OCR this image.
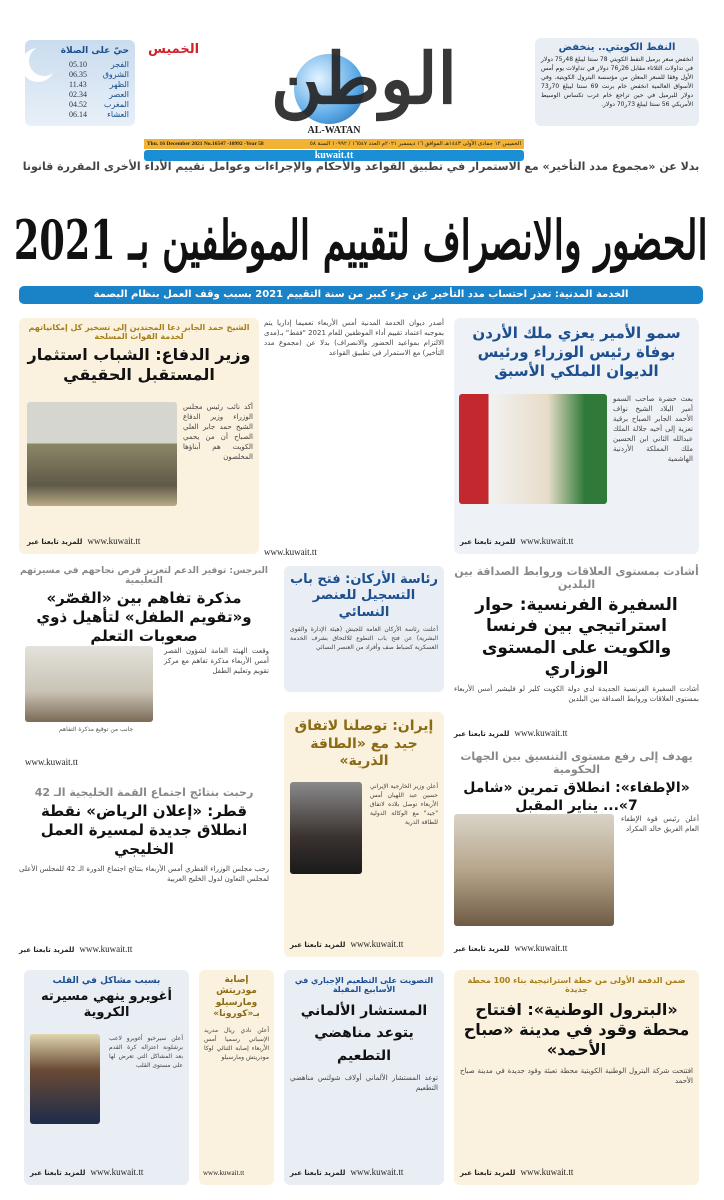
حيّ على الصلاة
الفجر
05.10
الشروق
06.35
الظهر
11.43
العصر
02.34
المغرب
04.52
العشاء
06.14	الوطن
الخميس
AL-WATAN
الخميس ١٢ جمادى الأولى ١٤٤٣هـ الموافق ١٦ ديسمبر ٢٠٢١م العدد ١٦٥٤٧ / ١٠٩٩٢ السنة ٥٨
Thu. 16 December 2021 No.16547 -10992 -Year 58
kuwait.tt
النفط الكويتي.. ينخفض
انخفض سعر برميل النفط الكويتي 78 سنتا ليبلغ 48ر75 دولار في تداولات الثلاثاء مقابل 26ر76 دولار في تداولات يوم أمس الأول وفقا للسعر المعلن من مؤسسة البترول الكويتية. وفي الأسواق العالمية انخفض خام برنت 69 سنتا ليبلغ 70ر73 دولار للبرميل في حين تراجع خام غرب تكساس الوسيط الأمريكي 56 سنتا ليبلغ 73ر70 دولار.
بدلا عن «مجموع مدد التأخير» مع الاستمرار في تطبيق القواعد والأحكام والإجراءات وعوامل تقييم الأداء الأخرى المقررة قانونا
الحضور والانصراف لتقييم الموظفين بـ 2021
الخدمة المدنية: تعذر احتساب مدد التأخير عن جزء كبير من سنة التقييم 2021 بسبب وقف العمل بنظام البصمة
سمو الأمير يعزي ملك الأردن بوفاة رئيس الوزراء ورئيس الديوان الملكي الأسبق
بعث حضرة صاحب السمو أمير البلاد الشيخ نواف الأحمد الجابر الصباح برقية تعزية إلى أخيه جلالة الملك عبدالله الثاني ابن الحسين ملك المملكة الأردنية الهاشمية
www.kuwait.tt للمزيد تابعنا عبر
أصدر ديوان الخدمة المدنية أمس الأربعاء تعميما إداريا يتم بموجبه اعتماد تقييم أداء الموظفين للعام 2021 "فقط" بـ(مدى الالتزام بمواعيد الحضور والانصراف) بدلا عن (مجموع مدد التأخير) مع الاستمرار في تطبيق القواعد
www.kuwait.tt
الشيخ حمد الجابر دعا المجندين إلى تسخير كل إمكانياتهم لخدمة القوات المسلحة
وزير الدفاع: الشباب استثمار المستقبل الحقيقي
أكد نائب رئيس مجلس الوزراء وزير الدفاع الشيخ حمد جابر العلي الصباح أن من يحمي الكويت هم أبناؤها المخلصون
www.kuwait.tt للمزيد تابعنا عبر
أشادت بمستوى العلاقات وروابط الصداقة بين البلدين
السفيرة الفرنسية: حوار استراتيجي بين فرنسا والكويت على المستوى الوزاري
أشادت السفيرة الفرنسية الجديدة لدى دولة الكويت كلير لو فليشير أمس الأربعاء بمستوى العلاقات وروابط الصداقة بين البلدين
www.kuwait.tt للمزيد تابعنا عبر
رئاسة الأركان: فتح باب التسجيل للعنصر النسائي
أعلنت رئاسة الأركان العامة للجيش (هيئة الإدارة والقوى البشرية) عن فتح باب التطوع للالتحاق بشرف الخدمة العسكرية كضباط صف وأفراد من العنصر النسائي
البرجس: توفير الدعم لتعزيز فرص نجاحهم في مسيرتهم التعليمية
مذكرة تفاهم بين «القصّر» و«تقويم الطفل» لتأهيل ذوي صعوبات التعلم
جانب من توقيع مذكرة التفاهم
وقعت الهيئة العامة لشؤون القصر أمس الأربعاء مذكرة تفاهم مع مركز تقويم وتعليم الطفل
www.kuwait.tt
إيران: توصلنا لاتفاق جيد مع «الطاقة الذرية»
أعلن وزير الخارجية الإيراني حسين عبد اللهيان أمس الأربعاء توصل بلاده لاتفاق "جيد" مع الوكالة الدولية للطاقة الذرية
www.kuwait.tt للمزيد تابعنا عبر
يهدف إلى رفع مستوى التنسيق بين الجهات الحكومية
«الإطفاء»: انطلاق تمرين «شامل 7»... يناير المقبل
أعلن رئيس قوة الإطفاء العام الفريق خالد المكراد
www.kuwait.tt للمزيد تابعنا عبر
رحبت بنتائج اجتماع القمة الخليجية الـ 42
قطر: «إعلان الرياض» نقطة انطلاق جديدة لمسيرة العمل الخليجي
رحب مجلس الوزراء القطري أمس الأربعاء بنتائج اجتماع الدورة الـ 42 للمجلس الأعلى لمجلس التعاون لدول الخليج العربية
www.kuwait.tt للمزيد تابعنا عبر
ضمن الدفعة الأولى من خطة استراتيجية بناء 100 محطة جديدة
«البترول الوطنية»: افتتاح محطة وقود في مدينة «صباح الأحمد»
افتتحت شركة البترول الوطنية الكويتية محطة تعبئة وقود جديدة في مدينة صباح الأحمد
www.kuwait.tt للمزيد تابعنا عبر
التصويت على التطعيم الإجباري في الأسابيع المقبلة
المستشار الألماني يتوعد مناهضي التطعيم
توعد المستشار الألماني أولاف شولتس مناهضي التطعيم
www.kuwait.tt للمزيد تابعنا عبر
إصابة مودريتش ومارسيلو بـ«كورونا»
أعلن نادي ريال مدريد الإسباني رسميا أمس الأربعاء إصابة الثنائي لوكا مودريتش ومارسيلو
www.kuwait.tt
بسبب مشاكل في القلب
أغويرو ينهي مسيرته الكروية
أعلن سيرخيو أغويرو لاعب برشلونة اعتزاله كرة القدم بعد المشاكل التي تعرض لها على مستوى القلب
www.kuwait.tt للمزيد تابعنا عبر
